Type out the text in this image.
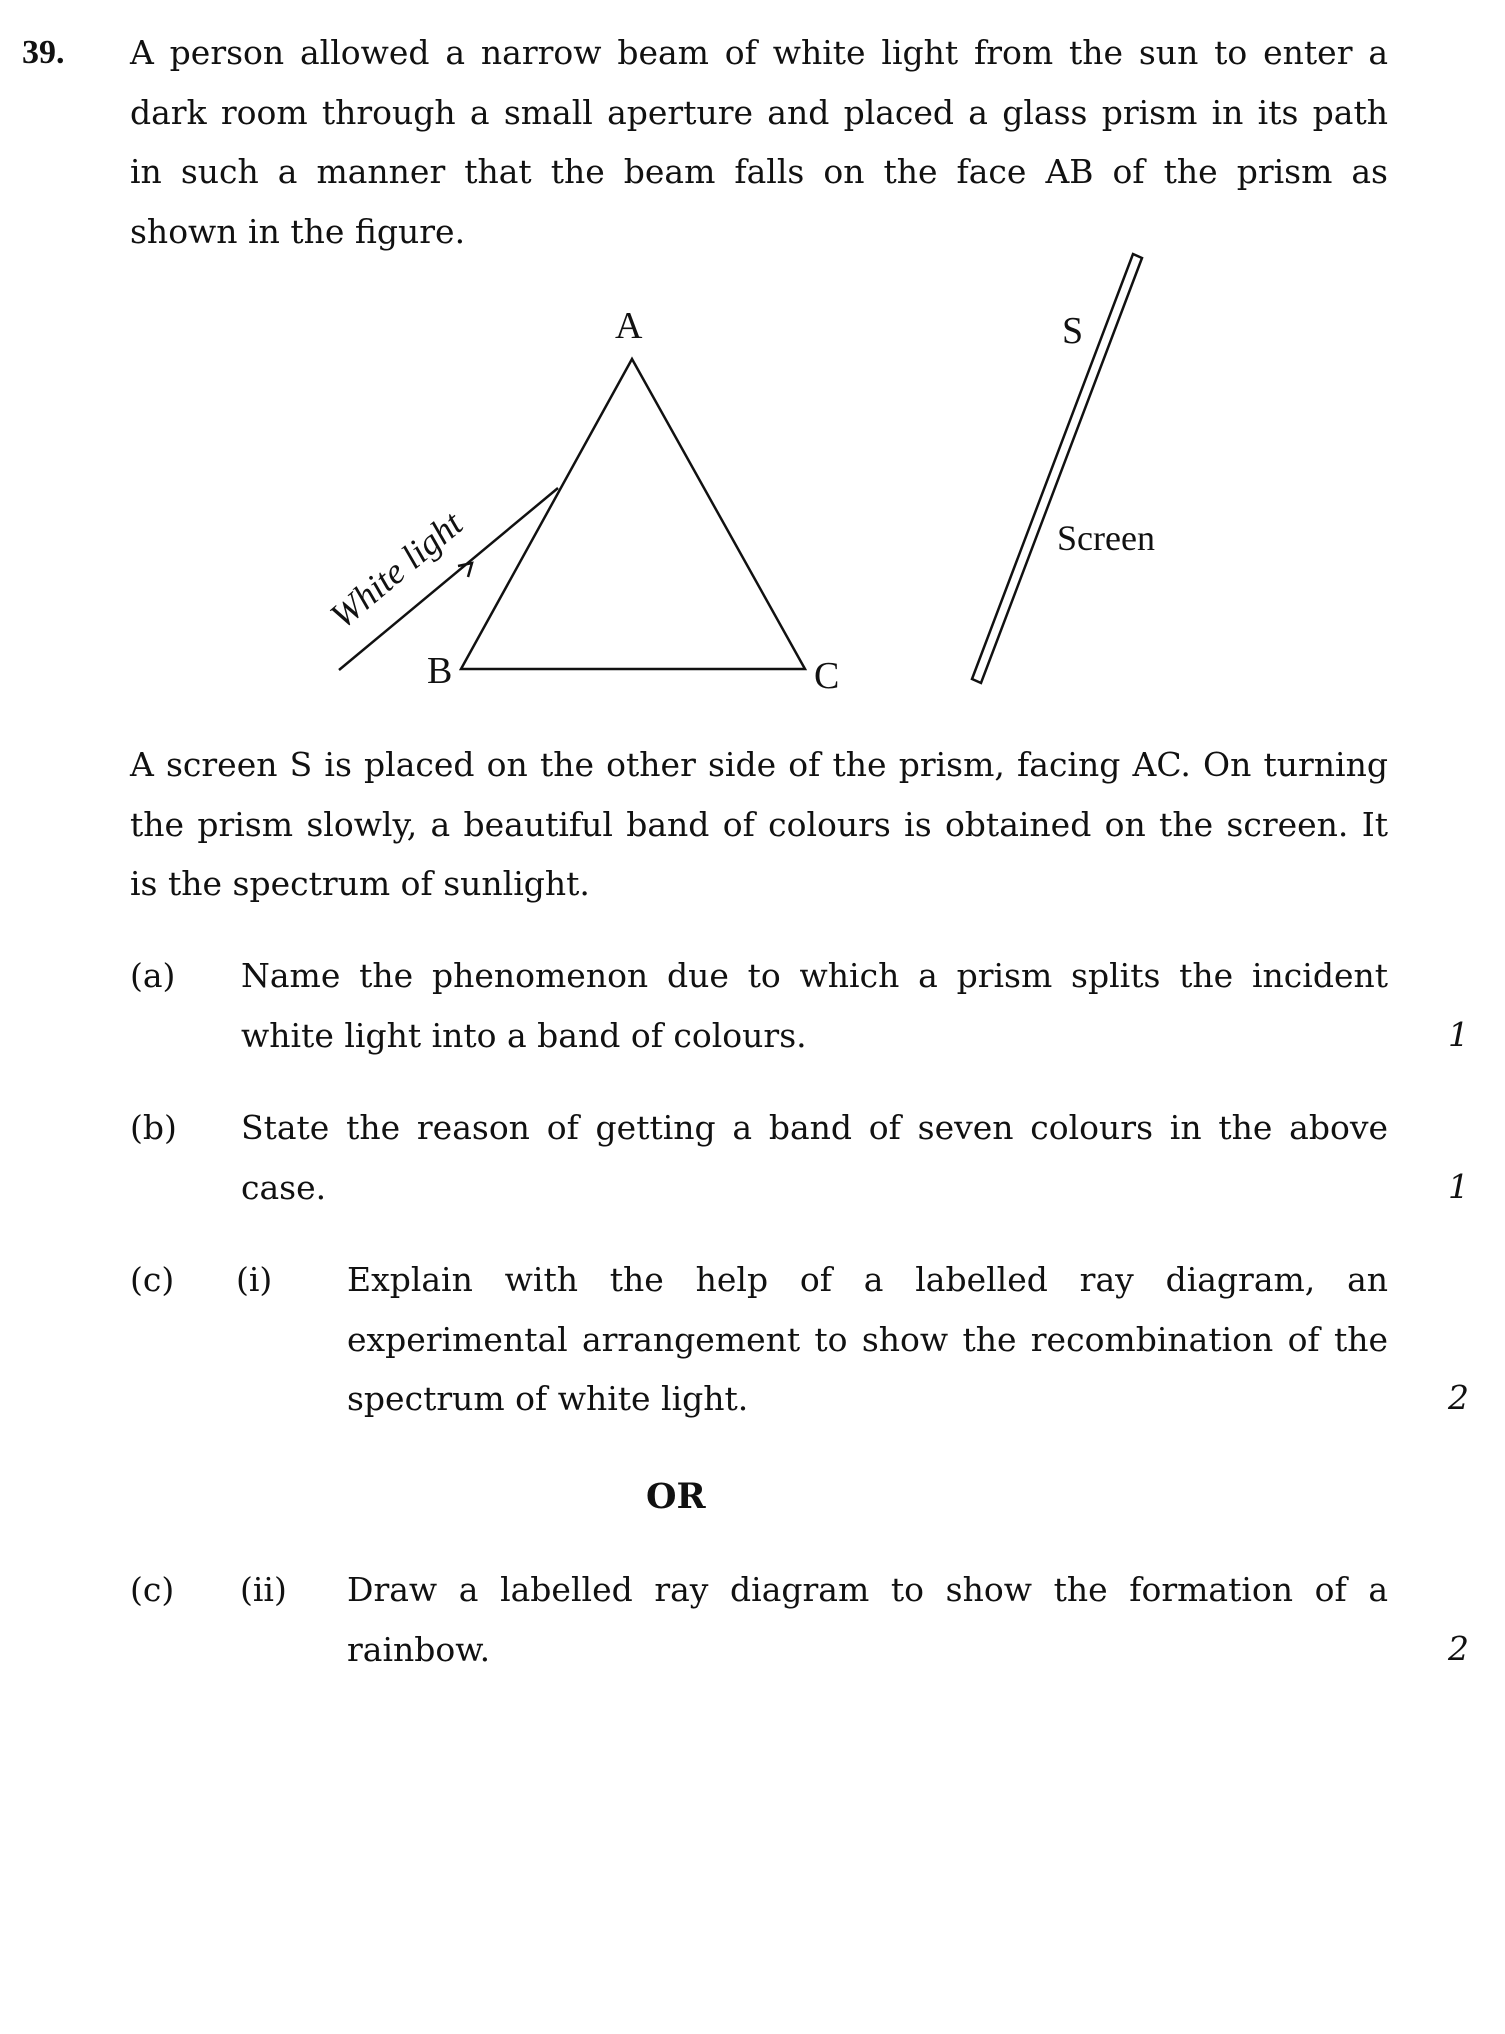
39. A person allowed a narrow beam of white light from the sun to enter a

dark room through a small aperture and placed a glass prism in its path

in such a manner that the beam falls on the face AB of the prism as

shown in the figure.

A
B	C
S
Screen
White light

A screen S is placed on the other side of the prism, facing AC. On turning

the prism slowly, a beautiful band of colours is obtained on the screen. It

is the spectrum of sunlight.

(a) Name the phenomenon due to which a prism splits the incident

white light into a band of colours.	1
(b) State the reason of getting a band of seven colours in the above

case.	1
(c) (i) Explain with the help of a labelled ray diagram, an

experimental arrangement to show the recombination of the

spectrum of white light.	2
OR
(c) (ii) Draw a labelled ray diagram to show the formation of a

rainbow.	2
